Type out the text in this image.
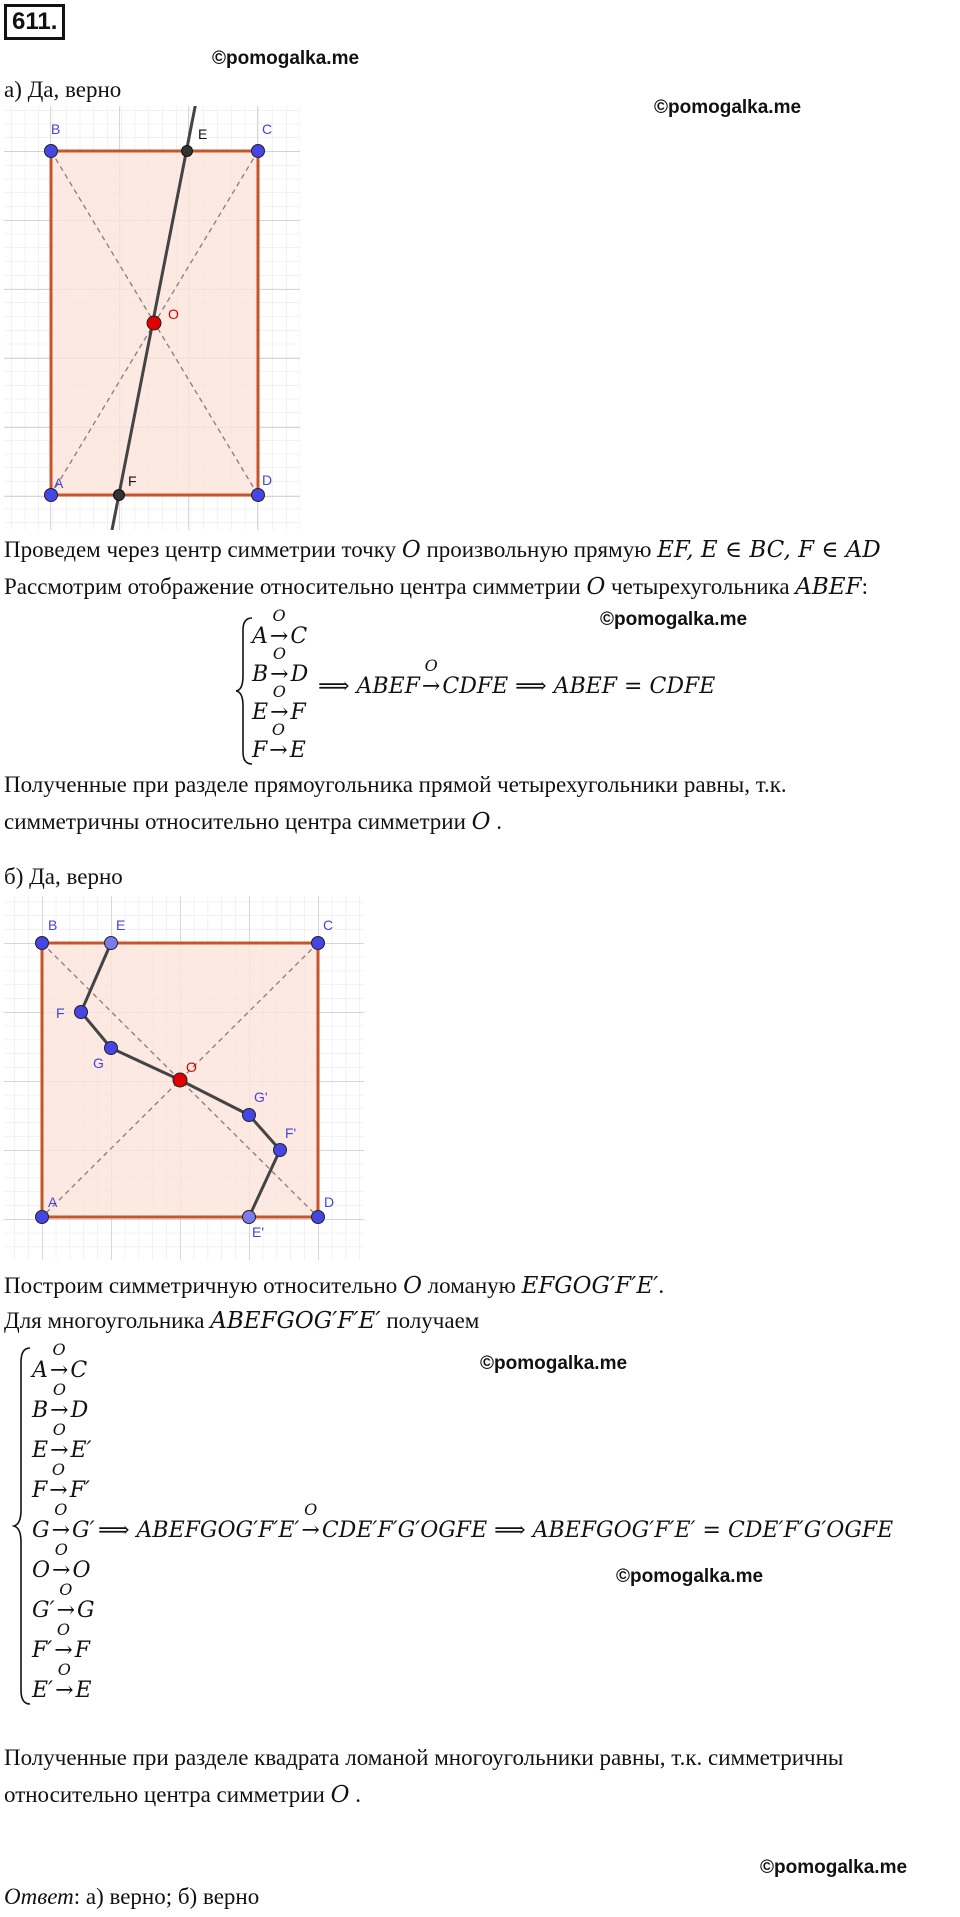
611.
©pomogalka.me
©pomogalka.me
©pomogalka.me
©pomogalka.me
©pomogalka.me
©pomogalka.me
а) Да, верно
B	C
E
O
A	D
F
Проведем через центр симметрии точку O произвольную прямую EF, E ∈ BC, F ∈ AD
Рассмотрим отображение относительно центра симметрии O четырехугольника ABEF:
A
O
→C
B
O
→D
E
O
→F
F
O
→E
⟹ ABEF
O
→CDFE ⟹ ABEF = CDFE
Полученные при разделе прямоугольника прямой четырехугольники равны, т.к.
симметричны относительно центра симметрии O .
б) Да, верно
B	E	C
F
G	O
G'
F'
A	D
E'
Построим симметричную относительно O ломаную EFGOG′F′E′.
Для многоугольника ABEFGOG′F′E′ получаем
A
O
→C
B
O
→D
E
O
→E′
F
O
→F′
G
O
→G′
O
O
→O
G′
O
→G
F′
O
→F
E′
O
→E
⟹ ABEFGOG′F′E′
O
→CDE′F′G′OGFE ⟹ ABEFGOG′F′E′ = CDE′F′G′OGFE
Полученные при разделе квадрата ломаной многоугольники равны, т.к. симметричны
относительно центра симметрии O .
Ответ: а) верно; б) верно
